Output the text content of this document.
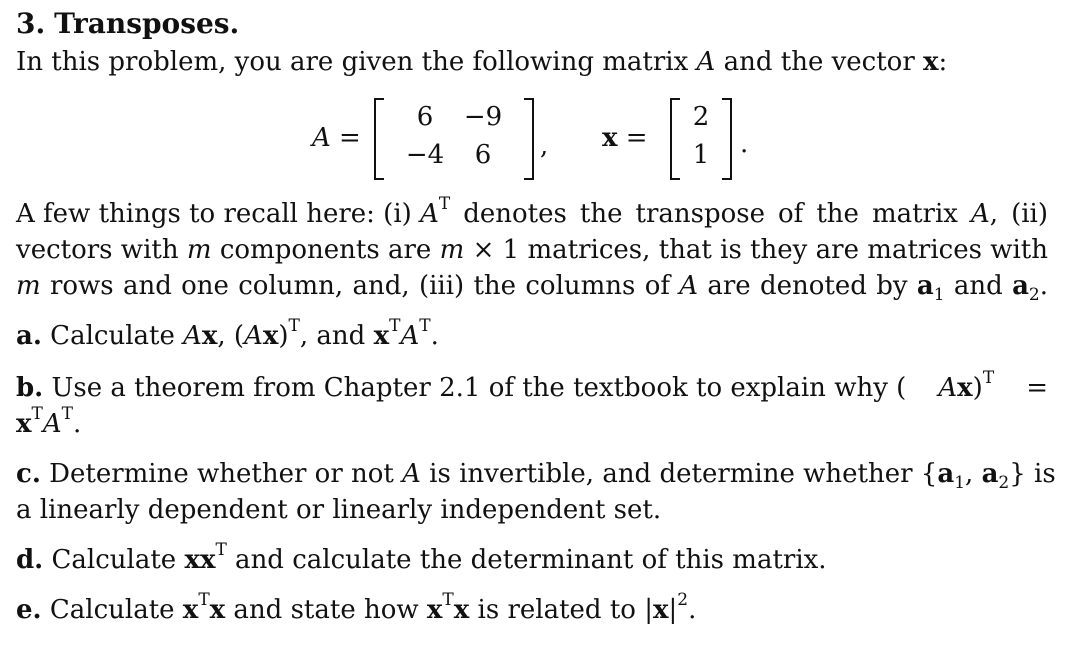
3. Transposes.
In this problem, you are given the following matrix A and the vector x:
A =
6	−9
−4	6	, x =
2
1	.
A few things to recall here: (i) $A^T$ denotes the transpose of the matrix A, (ii)
vectors with m components are m × 1 matrices, that is they are matrices with
m rows and one column, and, (iii) the columns of A are denoted by $a_1$ and $a_2$.
a. Calculate Ax, $(Ax)^T$, and $x^TA^T$.
b. Use a theorem from Chapter 2.1 of the textbook to explain why ( Ax)$^T$ =
$x^TA^T$.
c. Determine whether or not A is invertible, and determine whether {$a_1$, $a_2$} is
a linearly dependent or linearly independent set.
d. Calculate $xx^T$ and calculate the determinant of this matrix.
e. Calculate $x^Tx$ and state how $x^Tx$ is related to $|x|^2$.
